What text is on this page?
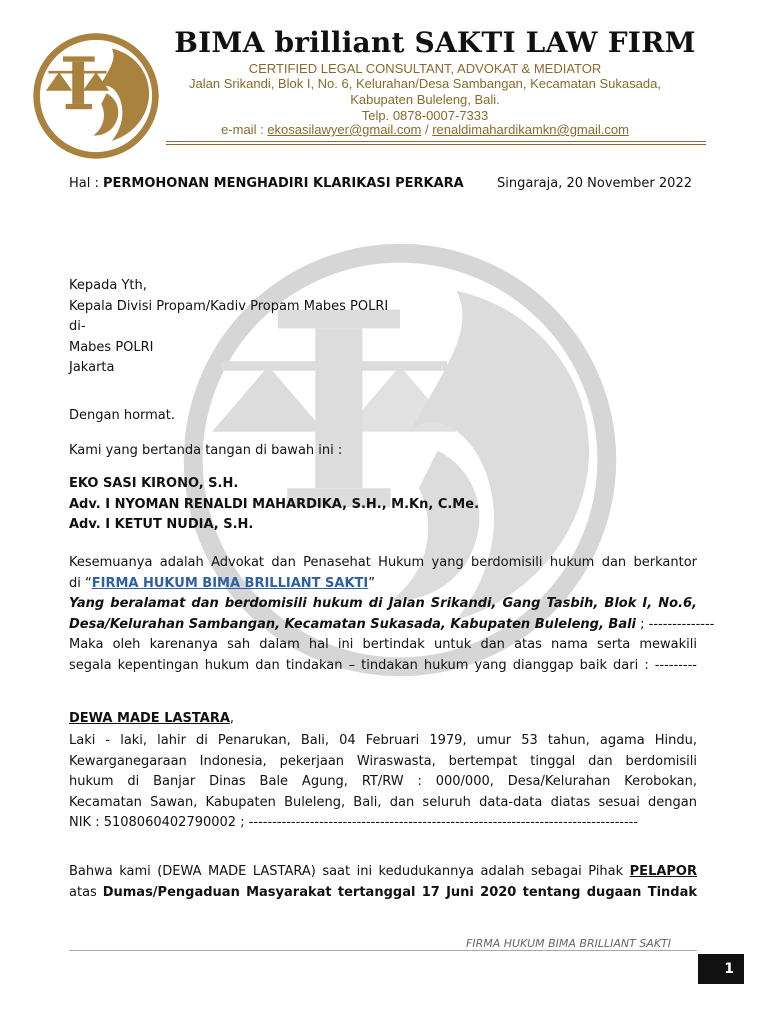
BIMA brilliant SAKTI LAW FIRM
CERTIFIED LEGAL CONSULTANT, ADVOKAT & MEDIATOR
Jalan Srikandi, Blok I, No. 6, Kelurahan/Desa Sambangan, Kecamatan Sukasada,
Kabupaten Buleleng, Bali.
Telp. 0878-0007-7333
e-mail : ekosasilawyer@gmail.com / renaldimahardikamkn@gmail.com
Hal : PERMOHONAN MENGHADIRI KLARIKASI PERKARA	Singaraja, 20 November 2022
Kepada Yth,
Kepala Divisi Propam/Kadiv Propam Mabes POLRI
di-
Mabes POLRI
Jakarta
Dengan hormat.
Kami yang bertanda tangan di bawah ini :
EKO SASI KIRONO, S.H.
Adv. I NYOMAN RENALDI MAHARDIKA, S.H., M.Kn, C.Me.
Adv. I KETUT NUDIA, S.H.
Kesemuanya adalah Advokat dan Penasehat Hukum yang berdomisili hukum dan berkantor
di “FIRMA HUKUM BIMA BRILLIANT SAKTI”
Yang beralamat dan berdomisili hukum di Jalan Srikandi, Gang Tasbih, Blok I, No.6,
Desa/Kelurahan Sambangan, Kecamatan Sukasada, Kabupaten Buleleng, Bali ; --------------
Maka oleh karenanya sah dalam hal ini bertindak untuk dan atas nama serta mewakili
segala kepentingan hukum dan tindakan – tindakan hukum yang dianggap baik dari : ---------
DEWA MADE LASTARA,
Laki - laki, lahir di Penarukan, Bali, 04 Februari 1979, umur 53 tahun, agama Hindu,
Kewarganegaraan Indonesia, pekerjaan Wiraswasta, bertempat tinggal dan berdomisili
hukum di Banjar Dinas Bale Agung, RT/RW : 000/000, Desa/Kelurahan Kerobokan,
Kecamatan Sawan, Kabupaten Buleleng, Bali, dan seluruh data-data diatas sesuai dengan
NIK : 5108060402790002 ; -----------------------------------------------------------------------------------
Bahwa kami (DEWA MADE LASTARA) saat ini kedudukannya adalah sebagai Pihak PELAPOR
atas Dumas/Pengaduan Masyarakat tertanggal 17 Juni 2020 tentang dugaan Tindak
FIRMA HUKUM BIMA BRILLIANT SAKTI
1
